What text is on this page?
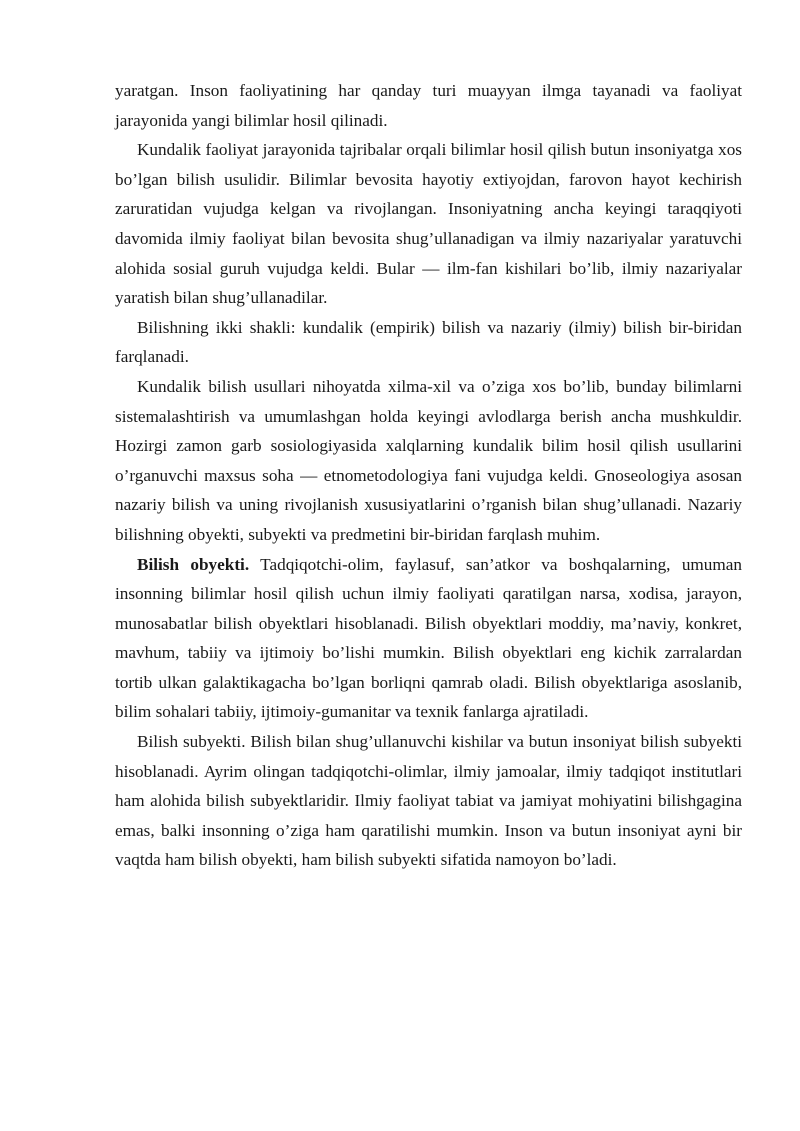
yaratgan. Inson faoliyatining har qanday turi muayyan ilmga tayanadi va faoliyat jarayonida yangi bilimlar hosil qilinadi.

Kundalik faoliyat jarayonida tajribalar orqali bilimlar hosil qilish butun insoniyatga xos bo’lgan bilish usulidir. Bilimlar bevosita hayotiy extiyojdan, farovon hayot kechirish zaruratidan vujudga kelgan va rivojlangan. Insoniyatning ancha keyingi taraqqiyoti davomida ilmiy faoliyat bilan bevosita shug’ullanadigan va ilmiy nazariyalar yaratuvchi alohida sosial guruh vujudga keldi. Bular — ilm-fan kishilari bo’lib, ilmiy nazariyalar yaratish bilan shug’ullanadilar.

Bilishning ikki shakli: kundalik (empirik) bilish va nazariy (ilmiy) bilish bir-biridan farqlanadi.

Kundalik bilish usullari nihoyatda xilma-xil va o’ziga xos bo’lib, bunday bilimlarni sistemalashtirish va umumlashgan holda keyingi avlodlarga berish ancha mushkuldir. Hozirgi zamon garb sosiologiyasida xalqlarning kundalik bilim hosil qilish usullarini o’rganuvchi maxsus soha — etnometodologiya fani vujudga keldi. Gnoseologiya asosan nazariy bilish va uning rivojlanish xususiyatlarini o’rganish bilan shug’ullanadi. Nazariy bilishning obyekti, subyekti va predmetini bir-biridan farqlash muhim.

Bilish obyekti. Tadqiqotchi-olim, faylasuf, san’atkor va boshqalarning, umuman insonning bilimlar hosil qilish uchun ilmiy faoliyati qaratilgan narsa, xodisa, jarayon, munosabatlar bilish obyektlari hisoblanadi. Bilish obyektlari moddiy, ma’naviy, konkret, mavhum, tabiiy va ijtimoiy bo’lishi mumkin. Bilish obyektlari eng kichik zarralardan tortib ulkan galaktikagacha bo’lgan borliqni qamrab oladi. Bilish obyektlariga asoslanib, bilim sohalari tabiiy, ijtimoiy-gumanitar va texnik fanlarga ajratiladi.

Bilish subyekti. Bilish bilan shug’ullanuvchi kishilar va butun insoniyat bilish subyekti hisoblanadi. Ayrim olingan tadqiqotchi-olimlar, ilmiy jamoalar, ilmiy tadqiqot institutlari ham alohida bilish subyektlaridir. Ilmiy faoliyat tabiat va jamiyat mohiyatini bilishgagina emas, balki insonning o’ziga ham qaratilishi mumkin. Inson va butun insoniyat ayni bir vaqtda ham bilish obyekti, ham bilish subyekti sifatida namoyon bo’ladi.
